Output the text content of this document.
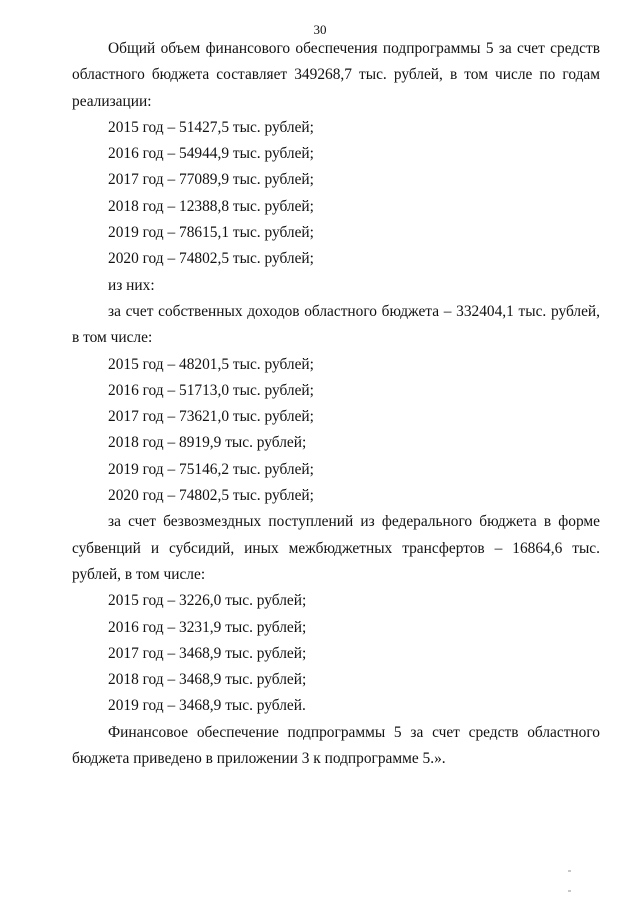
30

Общий объем финансового обеспечения подпрограммы 5 за счет средств областного бюджета составляет 349268,7 тыс. рублей, в том числе по годам реализации:

2015 год – 51427,5 тыс. рублей;

2016 год – 54944,9 тыс. рублей;

2017 год – 77089,9 тыс. рублей;

2018 год – 12388,8 тыс. рублей;

2019 год – 78615,1 тыс. рублей;

2020 год – 74802,5 тыс. рублей;

из них:

за счет собственных доходов областного бюджета – 332404,1 тыс. рублей, в том числе:

2015 год – 48201,5 тыс. рублей;

2016 год – 51713,0 тыс. рублей;

2017 год – 73621,0 тыс. рублей;

2018 год – 8919,9 тыс. рублей;

2019 год – 75146,2 тыс. рублей;

2020 год – 74802,5 тыс. рублей;

за счет безвозмездных поступлений из федерального бюджета в форме субвенций и субсидий, иных межбюджетных трансфертов – 16864,6 тыс. рублей, в том числе:

2015 год – 3226,0 тыс. рублей;

2016 год – 3231,9 тыс. рублей;

2017 год – 3468,9 тыс. рублей;

2018 год – 3468,9 тыс. рублей;

2019 год – 3468,9 тыс. рублей.

Финансовое обеспечение подпрограммы 5 за счет средств областного бюджета приведено в приложении 3 к подпрограмме 5.».
